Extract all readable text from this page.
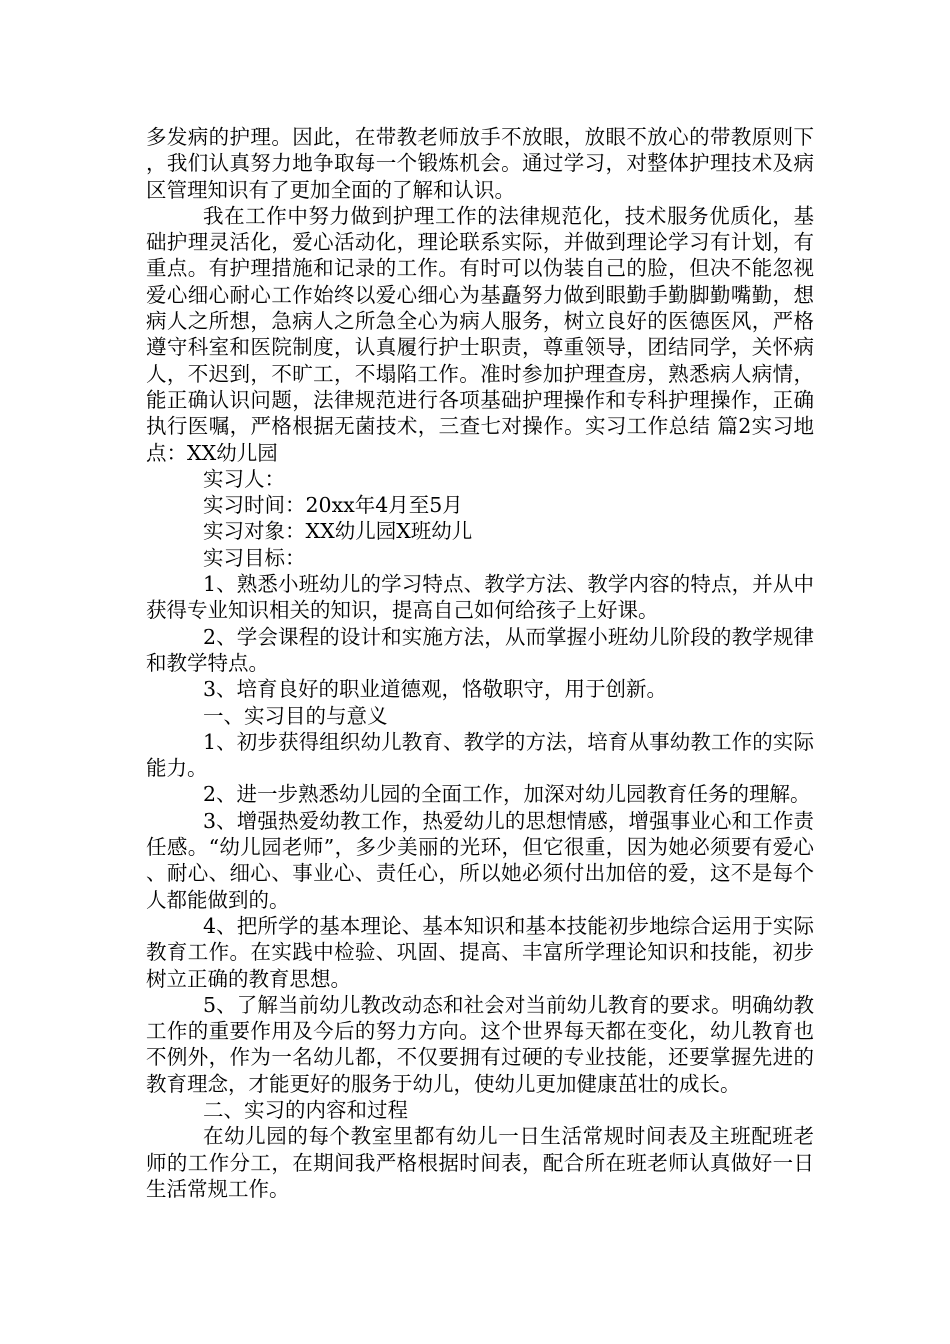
多发病的护理。因此，在带教老师放手不放眼，放眼不放心的带教原则下，我们认真努力地争取每一个锻炼机会。通过学习，对整体护理技术及病区管理知识有了更加全面的了解和认识。

我在工作中努力做到护理工作的法律规范化，技术服务优质化，基础护理灵活化，爱心活动化，理论联系实际，并做到理论学习有计划，有重点。有护理措施和记录的工作。有时可以伪装自己的脸，但决不能忽视爱心细心耐心工作始终以爱心细心为基矗努力做到眼勤手勤脚勤嘴勤，想病人之所想，急病人之所急全心为病人服务，树立良好的医德医风，严格遵守科室和医院制度，认真履行护士职责，尊重领导，团结同学，关怀病人，不迟到，不旷工，不塌陷工作。准时参加护理查房，熟悉病人病情，能正确认识问题，法律规范进行各项基础护理操作和专科护理操作，正确执行医嘱，严格根据无菌技术，三查七对操作。实习工作总结 篇2实习地点：XX幼儿园

实习人：

实习时间：20xx年4月至5月

实习对象：XX幼儿园X班幼儿

实习目标：

1、熟悉小班幼儿的学习特点、教学方法、教学内容的特点，并从中获得专业知识相关的知识，提高自己如何给孩子上好课。

2、学会课程的设计和实施方法，从而掌握小班幼儿阶段的教学规律和教学特点。

3、培育良好的职业道德观，恪敬职守，用于创新。

一、实习目的与意义

1、初步获得组织幼儿教育、教学的方法，培育从事幼教工作的实际能力。

2、进一步熟悉幼儿园的全面工作，加深对幼儿园教育任务的理解。

3、增强热爱幼教工作，热爱幼儿的思想情感，增强事业心和工作责任感。“幼儿园老师”，多少美丽的光环，但它很重，因为她必须要有爱心、耐心、细心、事业心、责任心，所以她必须付出加倍的爱，这不是每个人都能做到的。

4、把所学的基本理论、基本知识和基本技能初步地综合运用于实际教育工作。在实践中检验、巩固、提高、丰富所学理论知识和技能，初步树立正确的教育思想。

5、了解当前幼儿教改动态和社会对当前幼儿教育的要求。明确幼教工作的重要作用及今后的努力方向。这个世界每天都在变化，幼儿教育也不例外，作为一名幼儿都，不仅要拥有过硬的专业技能，还要掌握先进的教育理念，才能更好的服务于幼儿，使幼儿更加健康茁壮的成长。

二、实习的内容和过程

在幼儿园的每个教室里都有幼儿一日生活常规时间表及主班配班老师的工作分工，在期间我严格根据时间表，配合所在班老师认真做好一日生活常规工作。
